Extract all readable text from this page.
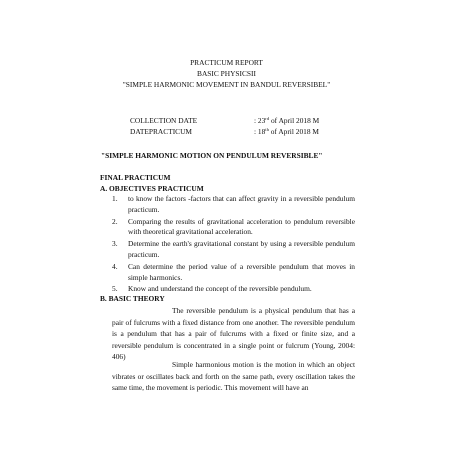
PRACTICUM REPORT
BASIC PHYSICSII
"SIMPLE HARMONIC MOVEMENT IN BANDUL REVERSIBEL"
COLLECTION DATE	: 23rd of April 2018 M
DATEPRACTICUM	: 18th of April 2018 M
"SIMPLE HARMONIC MOTION ON PENDULUM REVERSIBLE"
FINAL PRACTICUM
A. OBJECTIVES PRACTICUM
1. to know the factors -factors that can affect gravity in a reversible pendulum practicum.
2. Comparing the results of gravitational acceleration to pendulum reversible with theoretical gravitational acceleration.
3. Determine the earth's gravitational constant by using a reversible pendulum practicum.
4. Can determine the period value of a reversible pendulum that moves in simple harmonics.
5. Know and understand the concept of the reversible pendulum.
B. BASIC THEORY

The reversible pendulum is a physical pendulum that has a pair of fulcrums with a fixed distance from one another. The reversible pendulum is a pendulum that has a pair of fulcrums with a fixed or finite size, and a reversible pendulum is concentrated in a single point or fulcrum (Young, 2004: 406)

Simple harmonious motion is the motion in which an object vibrates or oscillates back and forth on the same path, every oscillation takes the same time, the movement is periodic. This movement will have an
